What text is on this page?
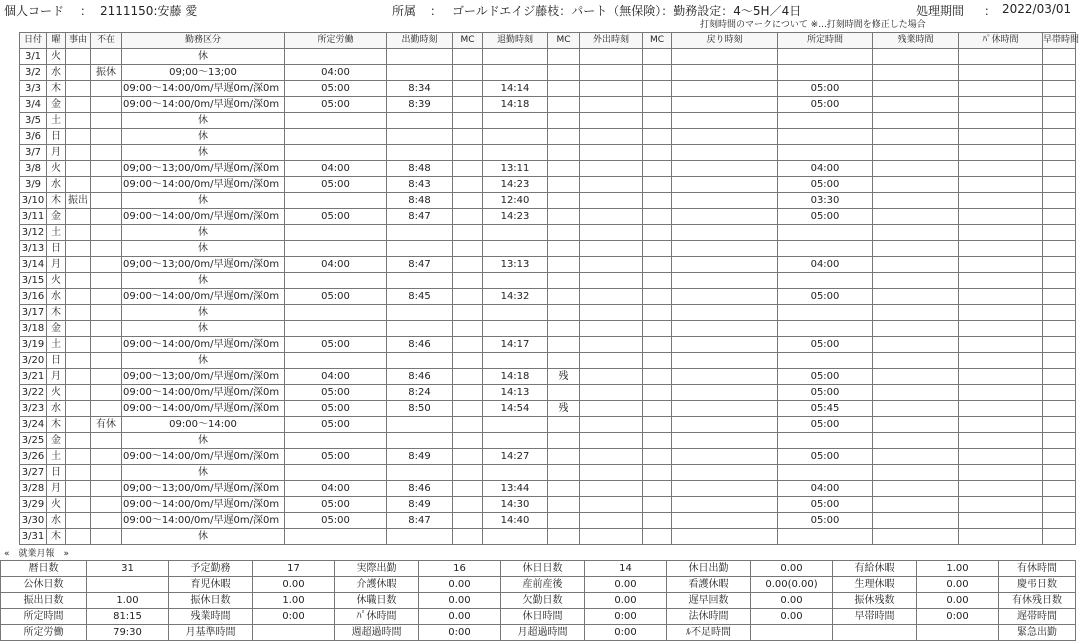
個人コード ： 2111150:安藤 愛	所属 ： ゴールドエイジ藤枝：パート（無保険）：勤務設定：4～5H／4日	処理期間 ： 2022/03/01
打刻時間のマークについて ※...打刻時間を修正した場合
日付	曜	事由	不在	勤務区分	所定労働	出勤時刻	MC	退勤時刻	MC	外出時刻	MC	戻り時刻	所定時間	残業時間	ﾊﾟ休時間	早帯時間
3/1	火			休												
3/2	水		振休	09;00～13;00	04:00											
3/3	木			09:00～14:00/0m/早遅0m/深0m	05:00	8:34		14:14					05:00			
3/4	金			09:00～14:00/0m/早遅0m/深0m	05:00	8:39		14:18					05:00			
3/5	土			休												
3/6	日			休												
3/7	月			休												
3/8	火			09;00～13;00/0m/早遅0m/深0m	04:00	8:48		13:11					04:00			
3/9	水			09:00～14:00/0m/早遅0m/深0m	05:00	8:43		14:23					05:00			
3/10	木	振出		休		8:48		12:40					03:30			
3/11	金			09:00～14:00/0m/早遅0m/深0m	05:00	8:47		14:23					05:00			
3/12	土			休												
3/13	日			休												
3/14	月			09;00～13;00/0m/早遅0m/深0m	04:00	8:47		13:13					04:00			
3/15	火			休												
3/16	水			09:00～14:00/0m/早遅0m/深0m	05:00	8:45		14:32					05:00			
3/17	木			休												
3/18	金			休												
3/19	土			09:00～14:00/0m/早遅0m/深0m	05:00	8:46		14:17					05:00			
3/20	日			休												
3/21	月			09;00～13;00/0m/早遅0m/深0m	04:00	8:46		14:18	残				05:00			
3/22	火			09:00～14:00/0m/早遅0m/深0m	05:00	8:24		14:13					05:00			
3/23	水			09:00～14:00/0m/早遅0m/深0m	05:00	8:50		14:54	残				05:45			
3/24	木		有休	09:00～14:00	05:00								05:00			
3/25	金			休												
3/26	土			09:00～14:00/0m/早遅0m/深0m	05:00	8:49		14:27					05:00			
3/27	日			休												
3/28	月			09;00～13;00/0m/早遅0m/深0m	04:00	8:46		13:44					04:00			
3/29	火			09:00～14:00/0m/早遅0m/深0m	05:00	8:49		14:30					05:00			
3/30	水			09:00～14:00/0m/早遅0m/深0m	05:00	8:47		14:40					05:00			
3/31	木			休												
«　就業月報　»
暦日数	31	予定勤務	17	実際出勤	16	休日日数	14	休日出勤	0.00	有給休暇	1.00	有休時間
公休日数		育児休暇	0.00	介護休暇	0.00	産前産後	0.00	看護休暇	0.00(0.00)	生理休暇	0.00	慶弔日数
振出日数	1.00	振休日数	1.00	休職日数	0.00	欠勤日数	0.00	遅早回数	0.00	振休残数	0.00	有休残日数
所定時間	81:15	残業時間	0:00	ﾊﾟ休時間	0.00	休日時間	0:00	法休時間	0.00	早帯時間	0:00	遅帯時間
所定労働	79:30	月基準時間		週超過時間	0:00	月超過時間	0:00	ﾙ不足時間				緊急出勤
